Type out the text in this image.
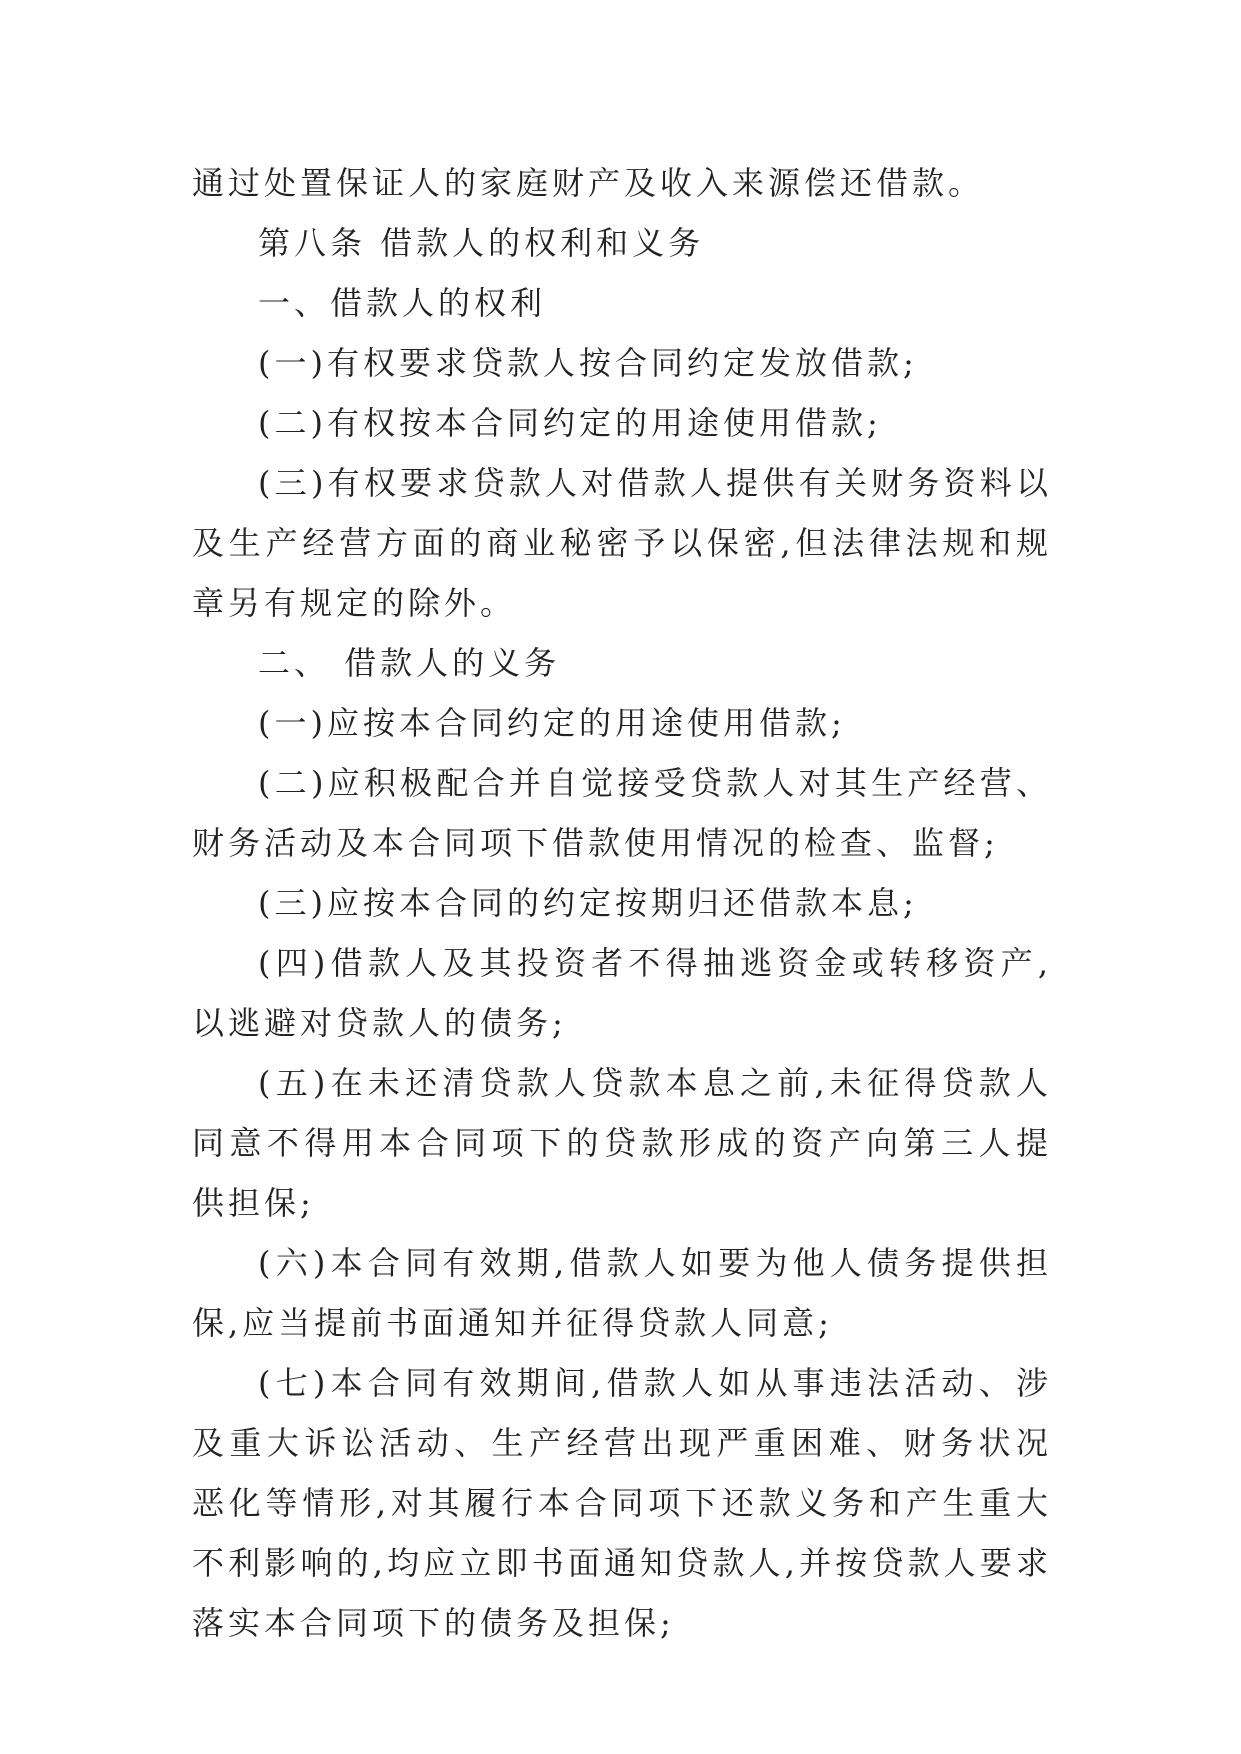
通过处置保证人的家庭财产及收入来源偿还借款。

第八条 借款人的权利和义务

一、借款人的权利

(一)有权要求贷款人按合同约定发放借款;

(二)有权按本合同约定的用途使用借款;

(三)有权要求贷款人对借款人提供有关财务资料以及生产经营方面的商业秘密予以保密,但法律法规和规章另有规定的除外。

二、 借款人的义务

(一)应按本合同约定的用途使用借款;

(二)应积极配合并自觉接受贷款人对其生产经营、财务活动及本合同项下借款使用情况的检查、监督;

(三)应按本合同的约定按期归还借款本息;

(四)借款人及其投资者不得抽逃资金或转移资产,以逃避对贷款人的债务;

(五)在未还清贷款人贷款本息之前,未征得贷款人同意不得用本合同项下的贷款形成的资产向第三人提供担保;

(六)本合同有效期,借款人如要为他人债务提供担保,应当提前书面通知并征得贷款人同意;

(七)本合同有效期间,借款人如从事违法活动、涉及重大诉讼活动、生产经营出现严重困难、财务状况恶化等情形,对其履行本合同项下还款义务和产生重大不利影响的,均应立即书面通知贷款人,并按贷款人要求落实本合同项下的债务及担保;
